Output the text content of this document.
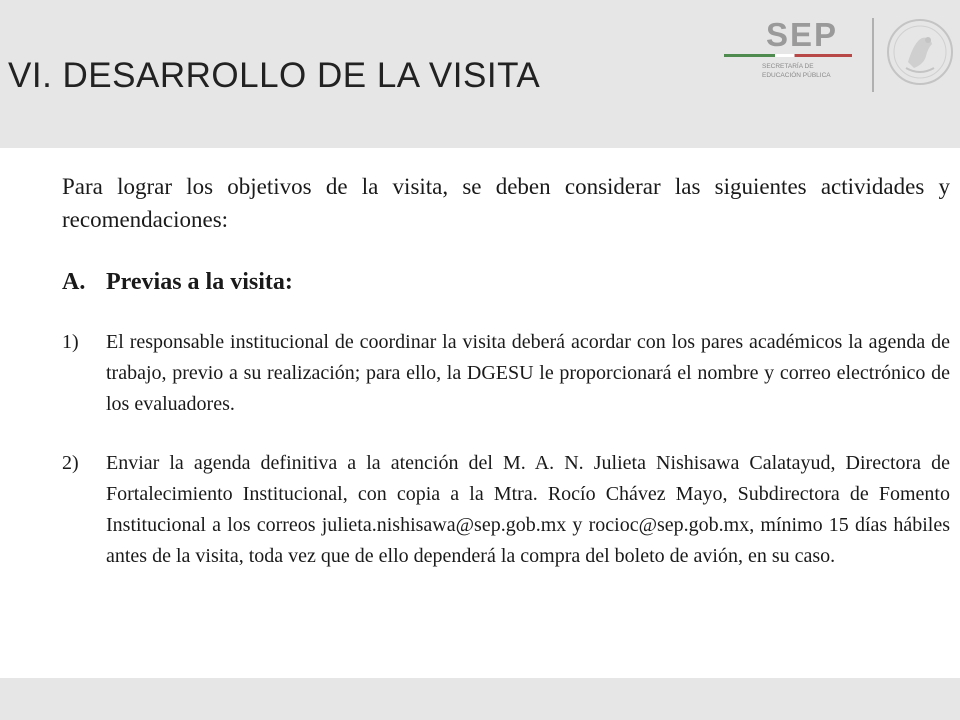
VI. DESARROLLO DE LA VISITA
SEP
SECRETARÍA DE
EDUCACIÓN PÚBLICA

Para lograr los objetivos de la visita, se deben considerar las siguientes actividades y recomendaciones:

A. Previas a la visita:
1)	El responsable institucional de coordinar la visita deberá acordar con los pares académicos la agenda de trabajo, previo a su realización; para ello, la DGESU le proporcionará el nombre y correo electrónico de los evaluadores.
2)	Enviar la agenda definitiva a la atención del M. A. N. Julieta Nishisawa Calatayud, Directora de Fortalecimiento Institucional, con copia a la Mtra. Rocío Chávez Mayo, Subdirectora de Fomento Institucional a los correos julieta.nishisawa@sep.gob.mx y rocioc@sep.gob.mx, mínimo 15 días hábiles antes de la visita, toda vez que de ello dependerá la compra del boleto de avión, en su caso.
